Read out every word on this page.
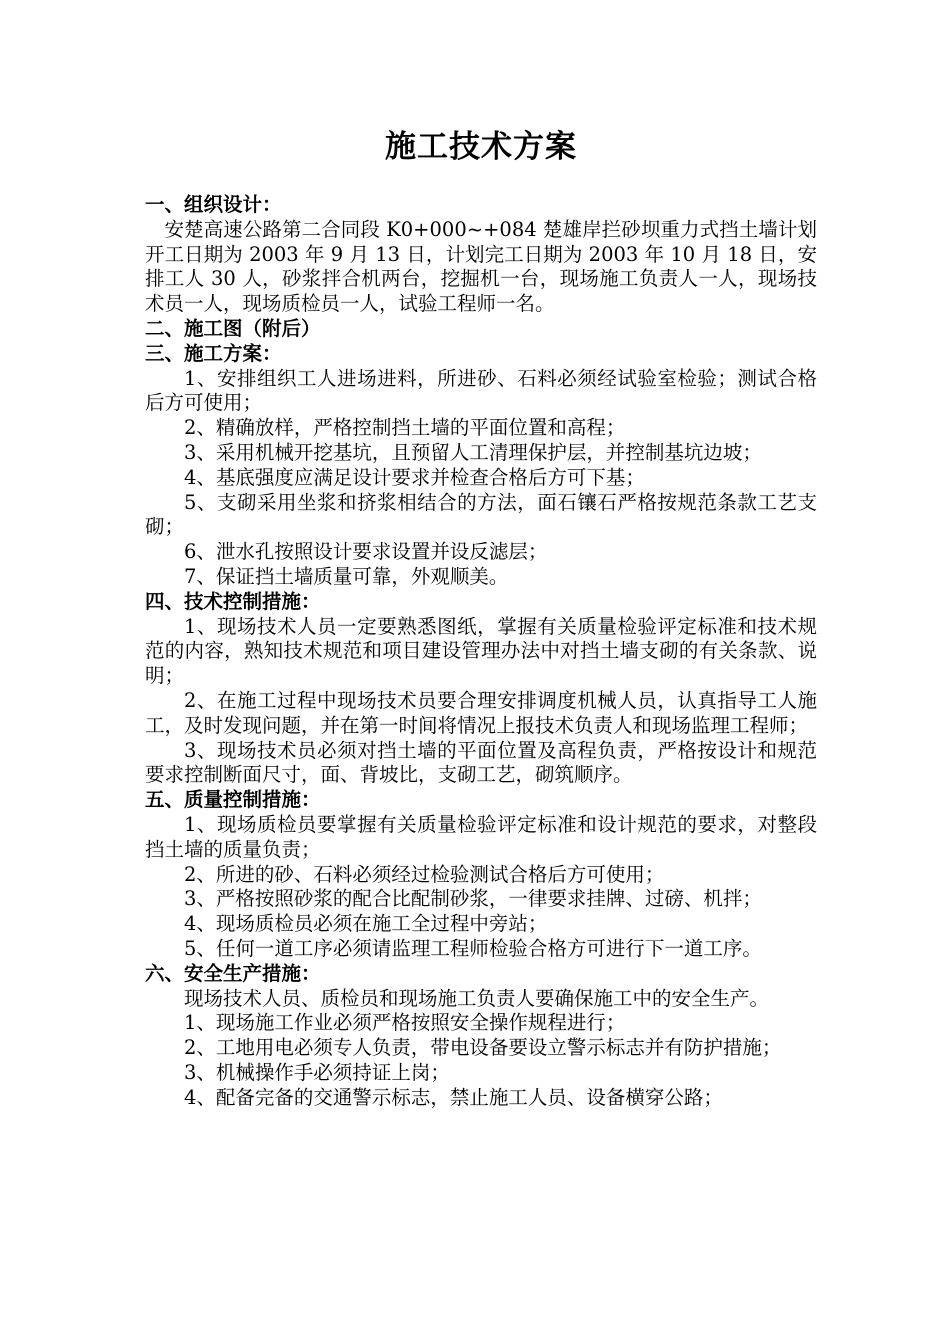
施工技术方案
一、组织设计：

安楚高速公路第二合同段 K0+000~+084 楚雄岸拦砂坝重力式挡土墙计划开工日期为 2003 年 9 月 13 日，计划完工日期为 2003 年 10 月 18 日，安排工人 30 人，砂浆拌合机两台，挖掘机一台，现场施工负责人一人，现场技术员一人，现场质检员一人，试验工程师一名。

二、施工图（附后）
三、施工方案：

1、安排组织工人进场进料，所进砂、石料必须经试验室检验；测试合格后方可使用；

2、精确放样，严格控制挡土墙的平面位置和高程；

3、采用机械开挖基坑，且预留人工清理保护层，并控制基坑边坡；

4、基底强度应满足设计要求并检查合格后方可下基；

5、支砌采用坐浆和挤浆相结合的方法，面石镶石严格按规范条款工艺支砌；

6、泄水孔按照设计要求设置并设反滤层；

7、保证挡土墙质量可靠，外观顺美。

四、技术控制措施：

1、现场技术人员一定要熟悉图纸，掌握有关质量检验评定标准和技术规范的内容，熟知技术规范和项目建设管理办法中对挡土墙支砌的有关条款、说明；

2、在施工过程中现场技术员要合理安排调度机械人员，认真指导工人施工，及时发现问题，并在第一时间将情况上报技术负责人和现场监理工程师；

3、现场技术员必须对挡土墙的平面位置及高程负责，严格按设计和规范要求控制断面尺寸，面、背坡比，支砌工艺，砌筑顺序。

五、质量控制措施：

1、现场质检员要掌握有关质量检验评定标准和设计规范的要求，对整段挡土墙的质量负责；

2、所进的砂、石料必须经过检验测试合格后方可使用；

3、严格按照砂浆的配合比配制砂浆，一律要求挂牌、过磅、机拌；

4、现场质检员必须在施工全过程中旁站；

5、任何一道工序必须请监理工程师检验合格方可进行下一道工序。

六、安全生产措施：

现场技术人员、质检员和现场施工负责人要确保施工中的安全生产。

1、现场施工作业必须严格按照安全操作规程进行；

2、工地用电必须专人负责，带电设备要设立警示标志并有防护措施；

3、机械操作手必须持证上岗；

4、配备完备的交通警示标志，禁止施工人员、设备横穿公路；
